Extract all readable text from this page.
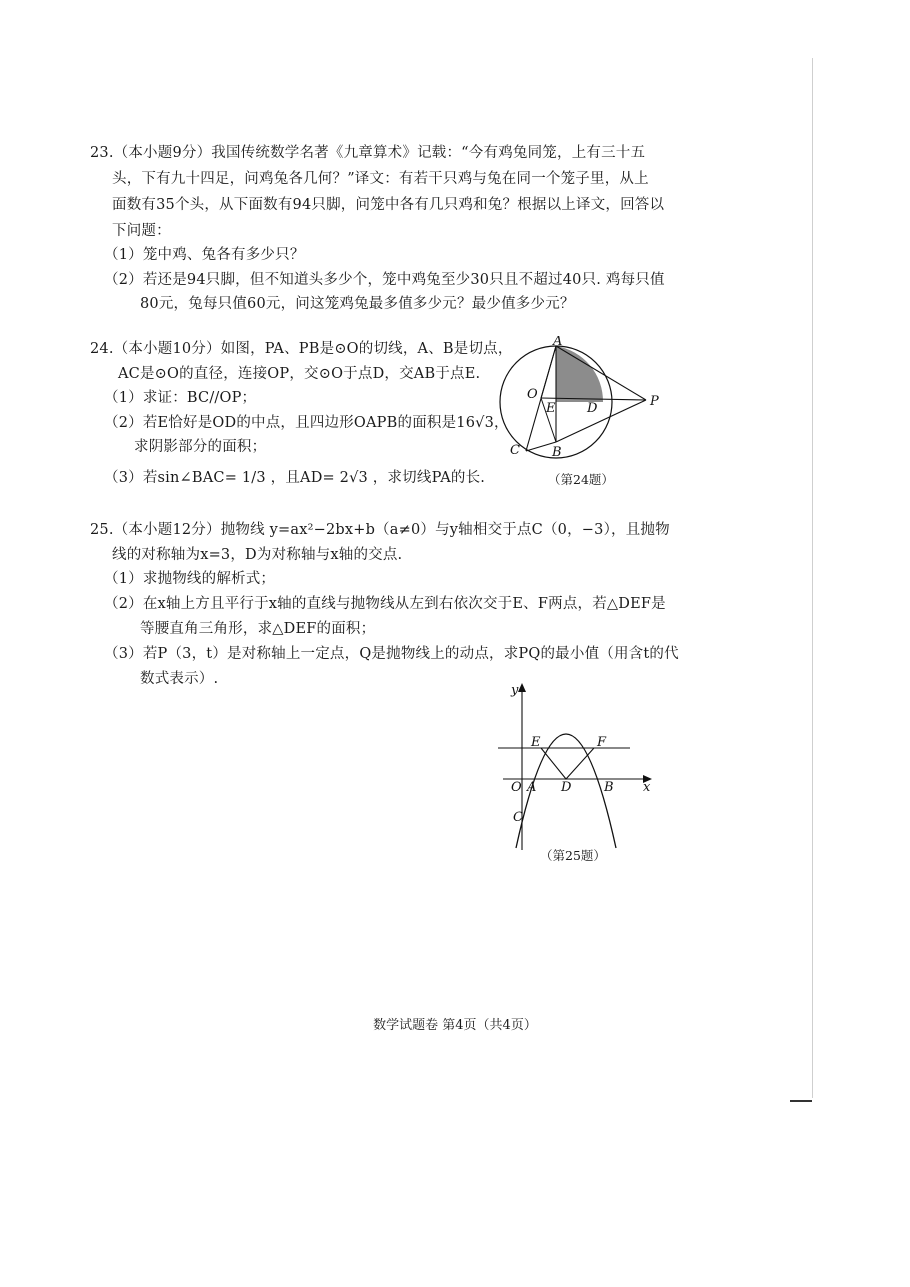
23.（本小题9分）我国传统数学名著《九章算术》记载：“今有鸡兔同笼，上有三十五
头，下有九十四足，问鸡兔各几何？”译文：有若干只鸡与兔在同一个笼子里，从上
面数有35个头，从下面数有94只脚，问笼中各有几只鸡和兔？根据以上译文，回答以
下问题：
（1）笼中鸡、兔各有多少只？
（2）若还是94只脚，但不知道头多少个，笼中鸡兔至少30只且不超过40只. 鸡每只值
80元，兔每只值60元，问这笼鸡兔最多值多少元？最少值多少元？
24.（本小题10分）如图，PA、PB是⊙O的切线，A、B是切点，
AC是⊙O的直径，连接OP，交⊙O于点D，交AB于点E.
（1）求证：BC//OP；
（2）若E恰好是OD的中点，且四边形OAPB的面积是16√3，
求阴影部分的面积；
（3）若sin∠BAC= 1/3 ，且AD= 2√3 ，求切线PA的长.
A
B
C
O
E D	P
（第24题）
25.（本小题12分）抛物线 y=ax²−2bx+b（a≠0）与y轴相交于点C（0，−3），且抛物
线的对称轴为x=3，D为对称轴与x轴的交点.
（1）求抛物线的解析式；
（2）在x轴上方且平行于x轴的直线与抛物线从左到右依次交于E、F两点，若△DEF是
等腰直角三角形，求△DEF的面积；
（3）若P（3，t）是对称轴上一定点，Q是抛物线上的动点，求PQ的最小值（用含t的代
数式表示）.
y
x
O A D	B
C
E	F
（第25题）
数学试题卷 第4页（共4页）
